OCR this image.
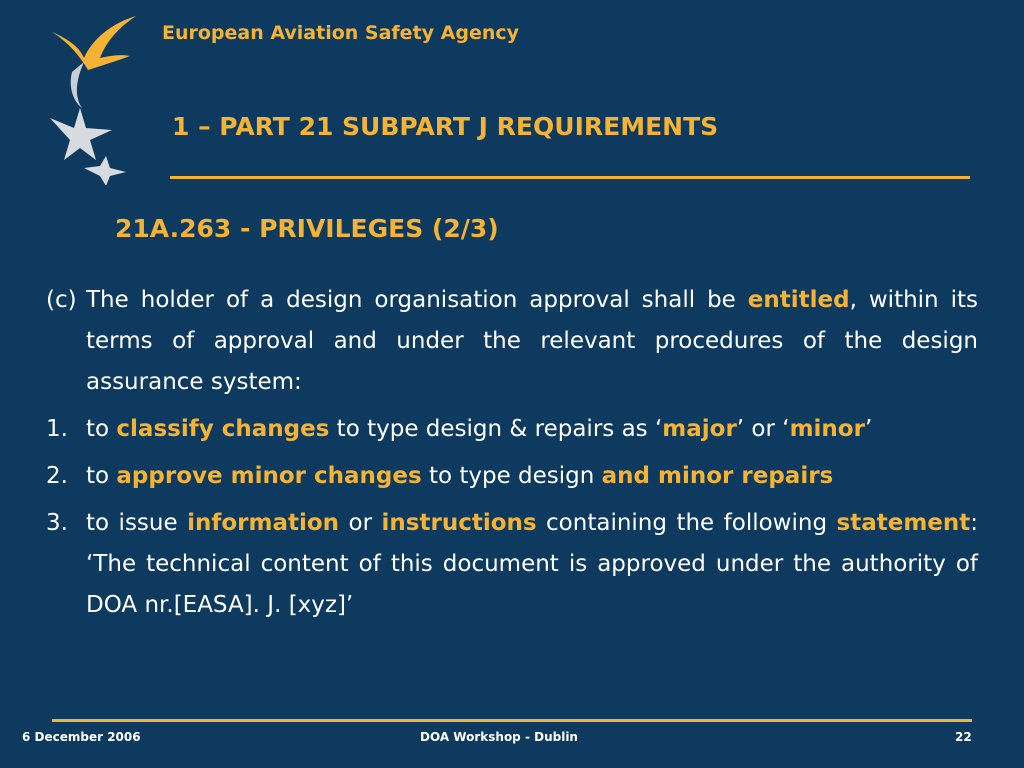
European Aviation Safety Agency
1 – PART 21 SUBPART J REQUIREMENTS
21A.263 - PRIVILEGES (2/3)
(c) The holder of a design organisation approval shall be entitled, within its terms of approval and under the relevant procedures of the design assurance system:
1. to classify changes to type design & repairs as ‘major’ or ‘minor’
2. to approve minor changes to type design and minor repairs
3. to issue information or instructions containing the following statement: ‘The technical content of this document is approved under the authority of DOA nr.[EASA]. J. [xyz]’
6 December 2006	DOA Workshop - Dublin	22
